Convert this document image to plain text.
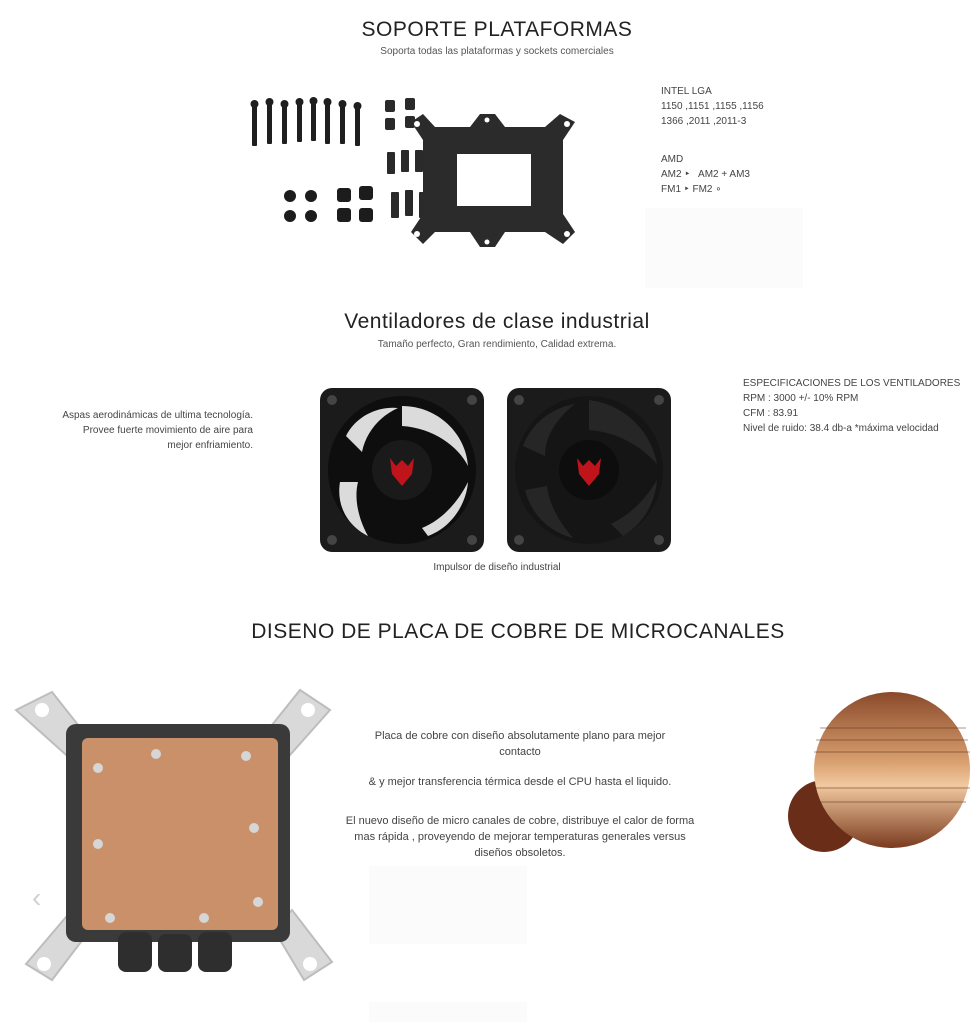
SOPORTE PLATAFORMAS
Soporta todas las plataformas y sockets comerciales
INTEL LGA
1150 ,1151 ,1155 ,1156
1366 ,2011 ,2011-3
AMD
AM2 ‣   AM2 + AM3
FM1 ‣ FM2 ∘
Ventiladores de clase industrial
Tamaño perfecto, Gran rendimiento, Calidad extrema.
Aspas aerodinámicas de ultima tecnología.
Provee fuerte movimiento de aire para
mejor enfriamiento.
ESPECIFICACIONES DE LOS VENTILADORES
RPM : 3000 +/- 10% RPM
CFM : 83.91
Nivel de ruido: 38.4 db-a *máxima velocidad
Impulsor de diseño industrial
DISENO DE PLACA DE COBRE DE MICROCANALES
‹
Placa de cobre con diseño absolutamente plano para mejor contacto
& y mejor transferencia térmica desde el CPU hasta el liquido.
El nuevo diseño de micro canales de cobre, distribuye el calor de forma mas rápida , proveyendo de mejorar temperaturas generales versus diseños obsoletos.
